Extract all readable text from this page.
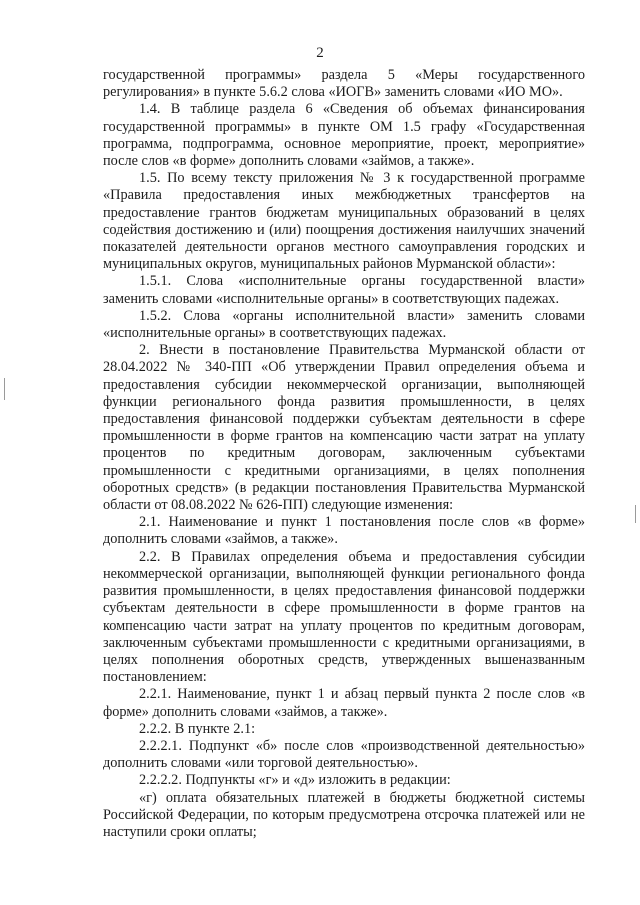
2

государственной программы» раздела 5 «Меры государственного регулирования» в пункте 5.6.2 слова «ИОГВ» заменить словами «ИО МО».

1.4. В таблице раздела 6 «Сведения об объемах финансирования государственной программы» в пункте ОМ 1.5 графу «Государственная программа, подпрограмма, основное мероприятие, проект, мероприятие» после слов «в форме» дополнить словами «займов, а также».

1.5. По всему тексту приложения № 3 к государственной программе «Правила предоставления иных межбюджетных трансфертов на предоставление грантов бюджетам муниципальных образований в целях содействия достижению и (или) поощрения достижения наилучших значений показателей деятельности органов местного самоуправления городских и муниципальных округов, муниципальных районов Мурманской области»:

1.5.1. Слова «исполнительные органы государственной власти» заменить словами «исполнительные органы» в соответствующих падежах.

1.5.2. Слова «органы исполнительной власти» заменить словами «исполнительные органы» в соответствующих падежах.

2. Внести в постановление Правительства Мурманской области от 28.04.2022 № 340-ПП «Об утверждении Правил определения объема и предоставления субсидии некоммерческой организации, выполняющей функции регионального фонда развития промышленности, в целях предоставления финансовой поддержки субъектам деятельности в сфере промышленности в форме грантов на компенсацию части затрат на уплату процентов по кредитным договорам, заключенным субъектами промышленности с кредитными организациями, в целях пополнения оборотных средств» (в редакции постановления Правительства Мурманской области от 08.08.2022 № 626-ПП) следующие изменения:

2.1. Наименование и пункт 1 постановления после слов «в форме» дополнить словами «займов, а также».

2.2. В Правилах определения объема и предоставления субсидии некоммерческой организации, выполняющей функции регионального фонда развития промышленности, в целях предоставления финансовой поддержки субъектам деятельности в сфере промышленности в форме грантов на компенсацию части затрат на уплату процентов по кредитным договорам, заключенным субъектами промышленности с кредитными организациями, в целях пополнения оборотных средств, утвержденных вышеназванным постановлением:

2.2.1. Наименование, пункт 1 и абзац первый пункта 2 после слов «в форме» дополнить словами «займов, а также».

2.2.2. В пункте 2.1:

2.2.2.1. Подпункт «б» после слов «производственной деятельностью» дополнить словами «или торговой деятельностью».

2.2.2.2. Подпункты «г» и «д» изложить в редакции:

«г) оплата обязательных платежей в бюджеты бюджетной системы Российской Федерации, по которым предусмотрена отсрочка платежей или не наступили сроки оплаты;
